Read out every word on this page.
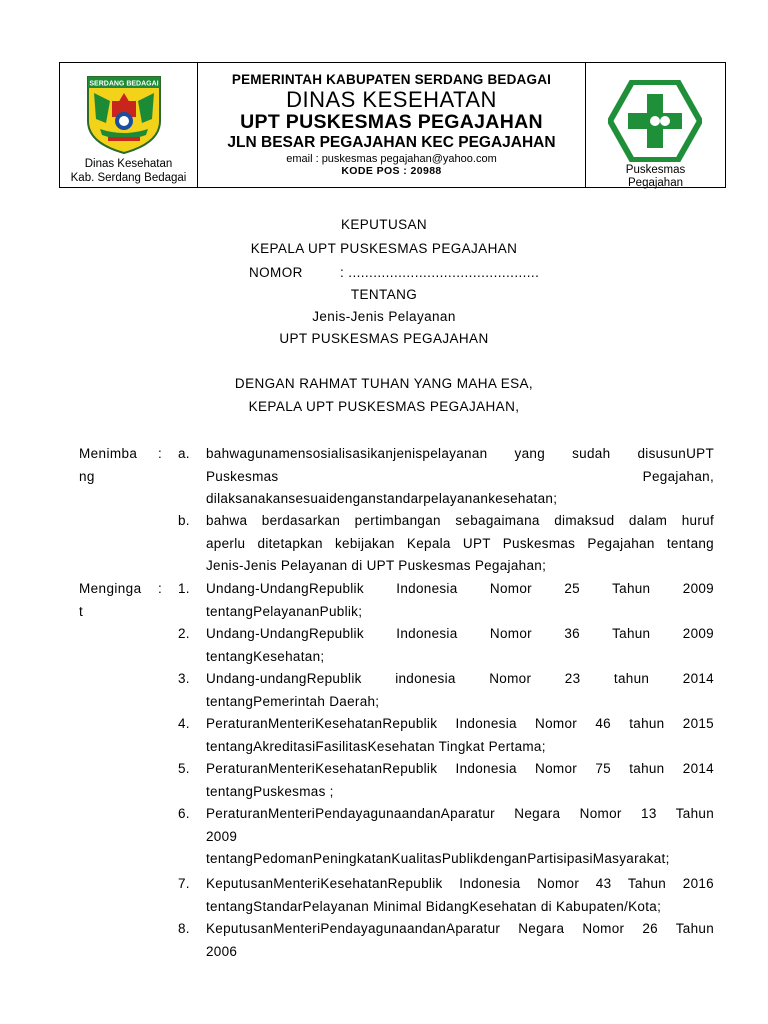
SERDANG BEDAGAI
Dinas Kesehatan
Kab. Serdang Bedagai
PEMERINTAH KABUPATEN SERDANG BEDAGAI
DINAS KESEHATAN
UPT PUSKESMAS PEGAJAHAN
JLN BESAR PEGAJAHAN KEC PEGAJAHAN
email : puskesmas pegajahan@yahoo.com
KODE POS : 20988	Puskesmas
Pegajahan
KEPUTUSAN
KEPALA UPT PUSKESMAS PEGAJAHAN
NOMOR	: ..............................................
TENTANG
Jenis-Jenis Pelayanan
UPT PUSKESMAS PEGAJAHAN
DENGAN RAHMAT TUHAN YANG MAHA ESA,
KEPALA UPT PUSKESMAS PEGAJAHAN,
Menimba
ng
: a. bahwagunamensosialisasikanjenispelayanan yang sudah disusunUPT
Puskesmas Pegajahan,
dilaksanakansesuaidenganstandarpelayanankesehatan;
b. bahwa berdasarkan pertimbangan sebagaimana dimaksud dalam huruf
aperlu ditetapkan kebijakan Kepala UPT Puskesmas Pegajahan tentang
Jenis-Jenis Pelayanan di UPT Puskesmas Pegajahan;
Menginga
t
: 1. Undang-UndangRepublik Indonesia Nomor 25 Tahun 2009
tentangPelayananPublik;
2. Undang-UndangRepublik Indonesia Nomor 36 Tahun 2009
tentangKesehatan;
3. Undang-undangRepublik indonesia Nomor 23 tahun 2014
tentangPemerintah Daerah;
4. PeraturanMenteriKesehatanRepublik Indonesia Nomor 46 tahun 2015
tentangAkreditasiFasilitasKesehatan Tingkat Pertama;
5. PeraturanMenteriKesehatanRepublik Indonesia Nomor 75 tahun 2014
tentangPuskesmas ;
6. PeraturanMenteriPendayagunaandanAparatur Negara Nomor 13 Tahun
2009
tentangPedomanPeningkatanKualitasPublikdenganPartisipasiMasyarakat;
7. KeputusanMenteriKesehatanRepublik Indonesia Nomor 43 Tahun 2016
tentangStandarPelayanan Minimal BidangKesehatan di Kabupaten/Kota;
8. KeputusanMenteriPendayagunaandanAparatur Negara Nomor 26 Tahun
2006
